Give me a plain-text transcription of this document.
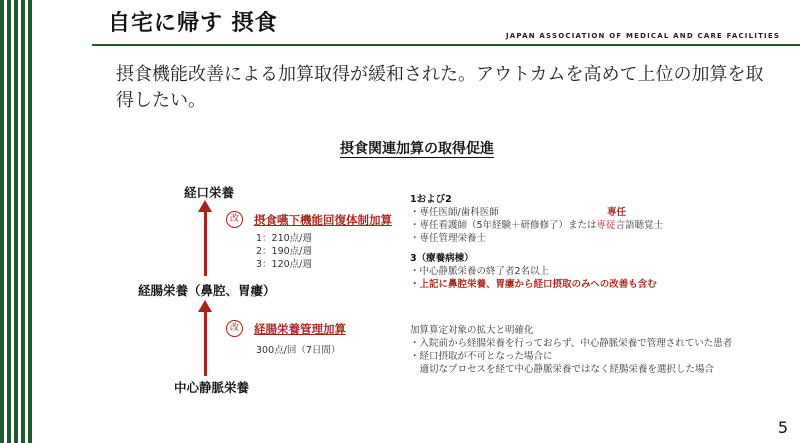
自宅に帰す 摂食	JAPAN ASSOCIATION OF MEDICAL AND CARE FACILITIES
摂食機能改善による加算取得が緩和された。アウトカムを高めて上位の加算を取得したい。
摂食関連加算の取得促進
経口栄養
経腸栄養（鼻腔、胃瘻）
中心静脈栄養
改	摂食嚥下機能回復体制加算
1：210点/週
2：190点/週
3：120点/週
改	経腸栄養管理加算
300点/回（7日間）
1および2
専任
・専任医師/歯科医師
・専任看護師（5年経験＋研修修了）または専従言語聴覚士
・専任管理栄養士
3（療養病棟）
・中心静脈栄養の終了者2名以上
・上記に鼻腔栄養、胃瘻から経口摂取のみへの改善も含む
加算算定対象の拡大と明確化
・入院前から経腸栄養を行っておらず、中心静脈栄養で管理されていた患者
・経口摂取が不可となった場合に
　適切なプロセスを経て中心静脈栄養ではなく経腸栄養を選択した場合
5
